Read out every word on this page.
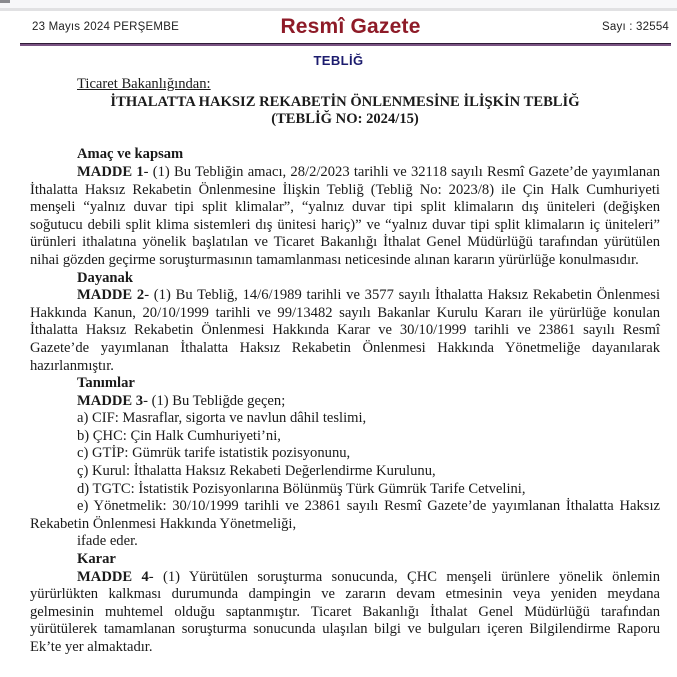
23 Mayıs 2024 PERŞEMBE	Resmî Gazete	Sayı : 32554
TEBLİĞ

Ticaret Bakanlığından:

İTHALATTA HAKSIZ REKABETİN ÖNLENMESİNE İLİŞKİN TEBLİĞ

(TEBLİĞ NO: 2024/15)

Amaç ve kapsam

MADDE 1- (1) Bu Tebliğin amacı, 28/2/2023 tarihli ve 32118 sayılı Resmî Gazete’de yayımlanan İthalatta Haksız Rekabetin Önlenmesine İlişkin Tebliğ (Tebliğ No: 2023/8) ile Çin Halk Cumhuriyeti menşeli “yalnız duvar tipi split klimalar”, “yalnız duvar tipi split klimaların dış üniteleri (değişken soğutucu debili split klima sistemleri dış ünitesi hariç)” ve “yalnız duvar tipi split klimaların iç üniteleri” ürünleri ithalatına yönelik başlatılan ve Ticaret Bakanlığı İthalat Genel Müdürlüğü tarafından yürütülen nihai gözden geçirme soruşturmasının tamamlanması neticesinde alınan kararın yürürlüğe konulmasıdır.

Dayanak

MADDE 2- (1) Bu Tebliğ, 14/6/1989 tarihli ve 3577 sayılı İthalatta Haksız Rekabetin Önlenmesi Hakkında Kanun, 20/10/1999 tarihli ve 99/13482 sayılı Bakanlar Kurulu Kararı ile yürürlüğe konulan İthalatta Haksız Rekabetin Önlenmesi Hakkında Karar ve 30/10/1999 tarihli ve 23861 sayılı Resmî Gazete’de yayımlanan İthalatta Haksız Rekabetin Önlenmesi Hakkında Yönetmeliğe dayanılarak hazırlanmıştır.

Tanımlar

MADDE 3- (1) Bu Tebliğde geçen;

a) CIF: Masraflar, sigorta ve navlun dâhil teslimi,

b) ÇHC: Çin Halk Cumhuriyeti’ni,

c) GTİP: Gümrük tarife istatistik pozisyonunu,

ç) Kurul: İthalatta Haksız Rekabeti Değerlendirme Kurulunu,

d) TGTC: İstatistik Pozisyonlarına Bölünmüş Türk Gümrük Tarife Cetvelini,

e) Yönetmelik: 30/10/1999 tarihli ve 23861 sayılı Resmî Gazete’de yayımlanan İthalatta Haksız Rekabetin Önlenmesi Hakkında Yönetmeliği,

ifade eder.

Karar

MADDE 4- (1) Yürütülen soruşturma sonucunda, ÇHC menşeli ürünlere yönelik önlemin yürürlükten kalkması durumunda dampingin ve zararın devam etmesinin veya yeniden meydana gelmesinin muhtemel olduğu saptanmıştır. Ticaret Bakanlığı İthalat Genel Müdürlüğü tarafından yürütülerek tamamlanan soruşturma sonucunda ulaşılan bilgi ve bulguları içeren Bilgilendirme Raporu Ek’te yer almaktadır.
